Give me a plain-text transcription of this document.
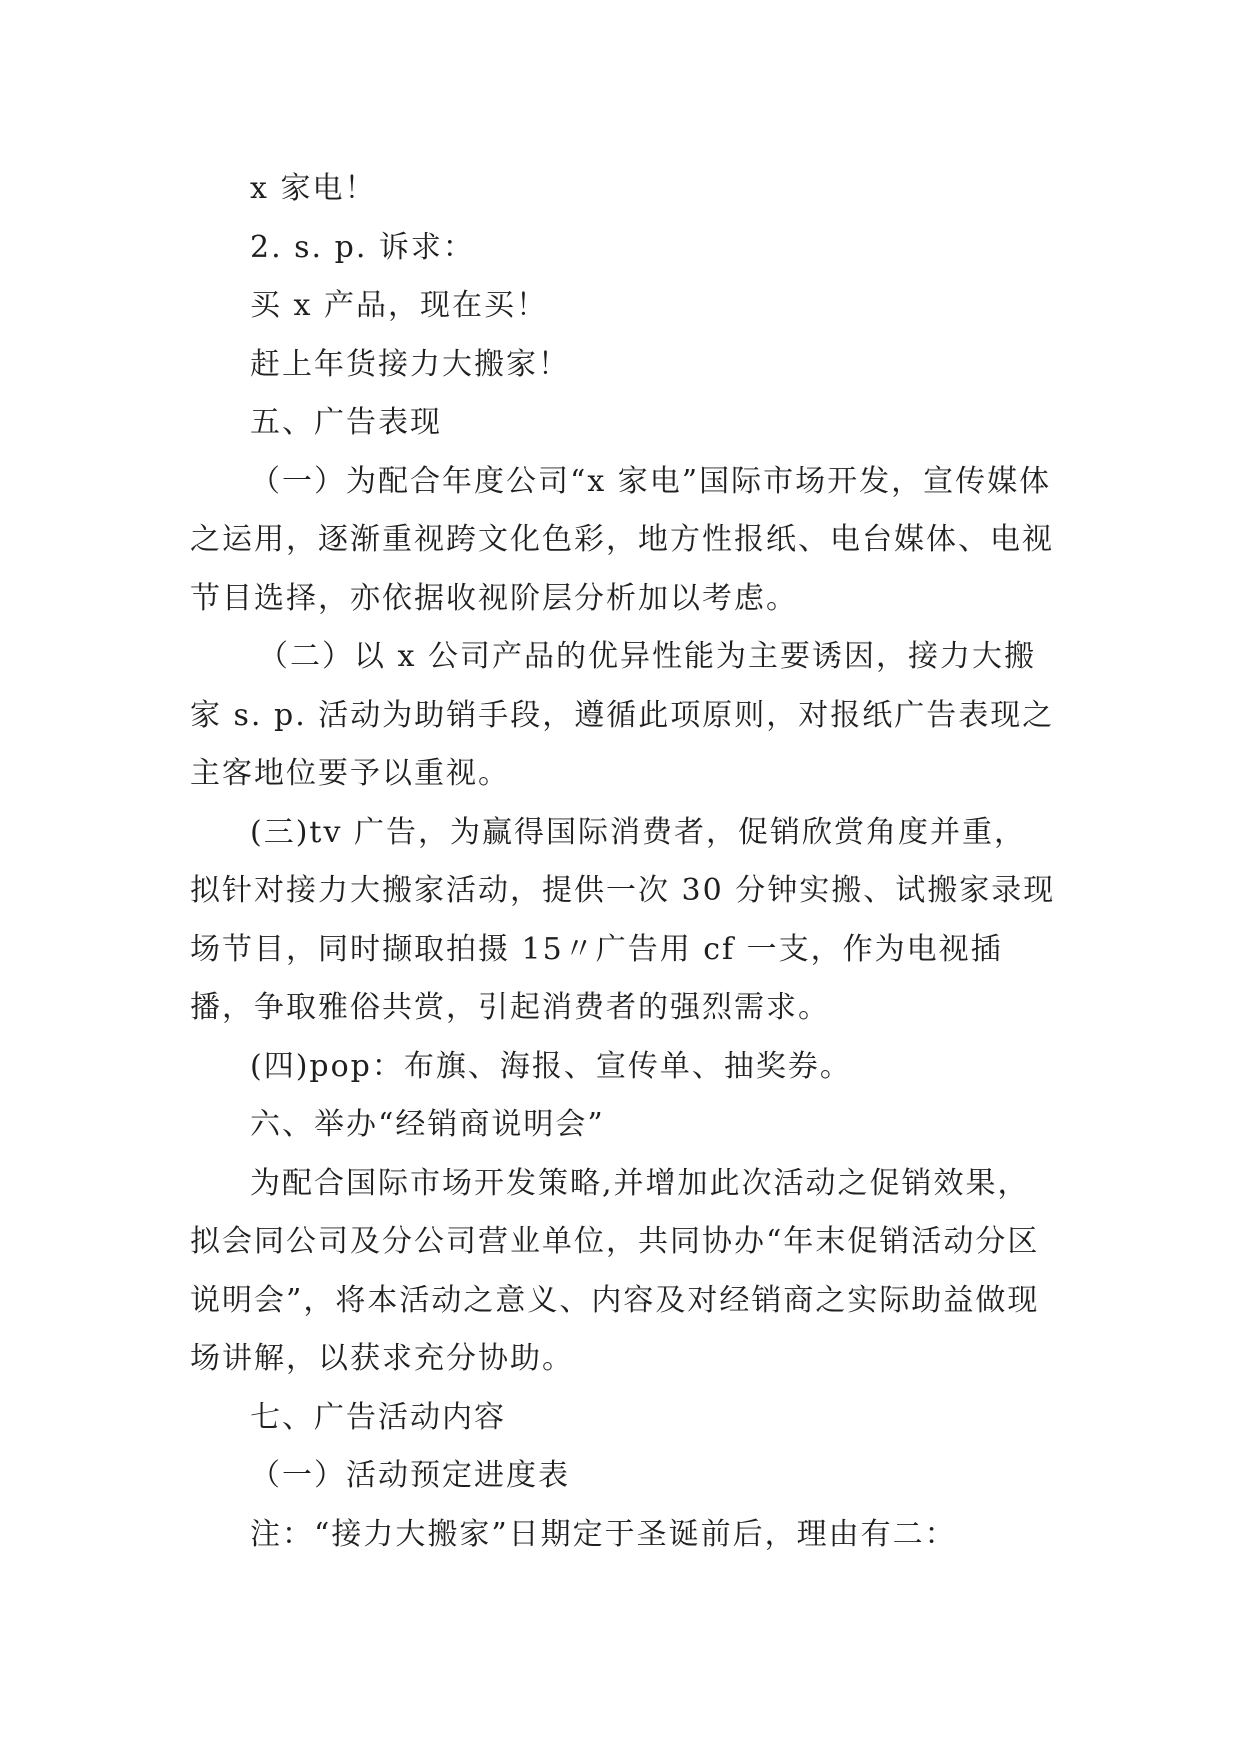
x 家电！

2. s. p. 诉求：

买 x 产品，现在买！

赶上年货接力大搬家！

五、广告表现

（一）为配合年度公司“x 家电”国际市场开发，宣传媒体之运用，逐渐重视跨文化色彩，地方性报纸、电台媒体、电视节目选择，亦依据收视阶层分析加以考虑。

（二）以 x 公司产品的优异性能为主要诱因，接力大搬家 s. p. 活动为助销手段，遵循此项原则，对报纸广告表现之主客地位要予以重视。

(三)tv 广告，为赢得国际消费者，促销欣赏角度并重，拟针对接力大搬家活动，提供一次 30 分钟实搬、试搬家录现场节目，同时撷取拍摄 15〃广告用 cf 一支，作为电视插播，争取雅俗共赏，引起消费者的强烈需求。

(四)pop：布旗、海报、宣传单、抽奖券。

六、举办“经销商说明会”

为配合国际市场开发策略,并增加此次活动之促销效果，拟会同公司及分公司营业单位，共同协办“年末促销活动分区说明会”，将本活动之意义、内容及对经销商之实际助益做现场讲解，以获求充分协助。

七、广告活动内容

（一）活动预定进度表

注：“接力大搬家”日期定于圣诞前后，理由有二：
